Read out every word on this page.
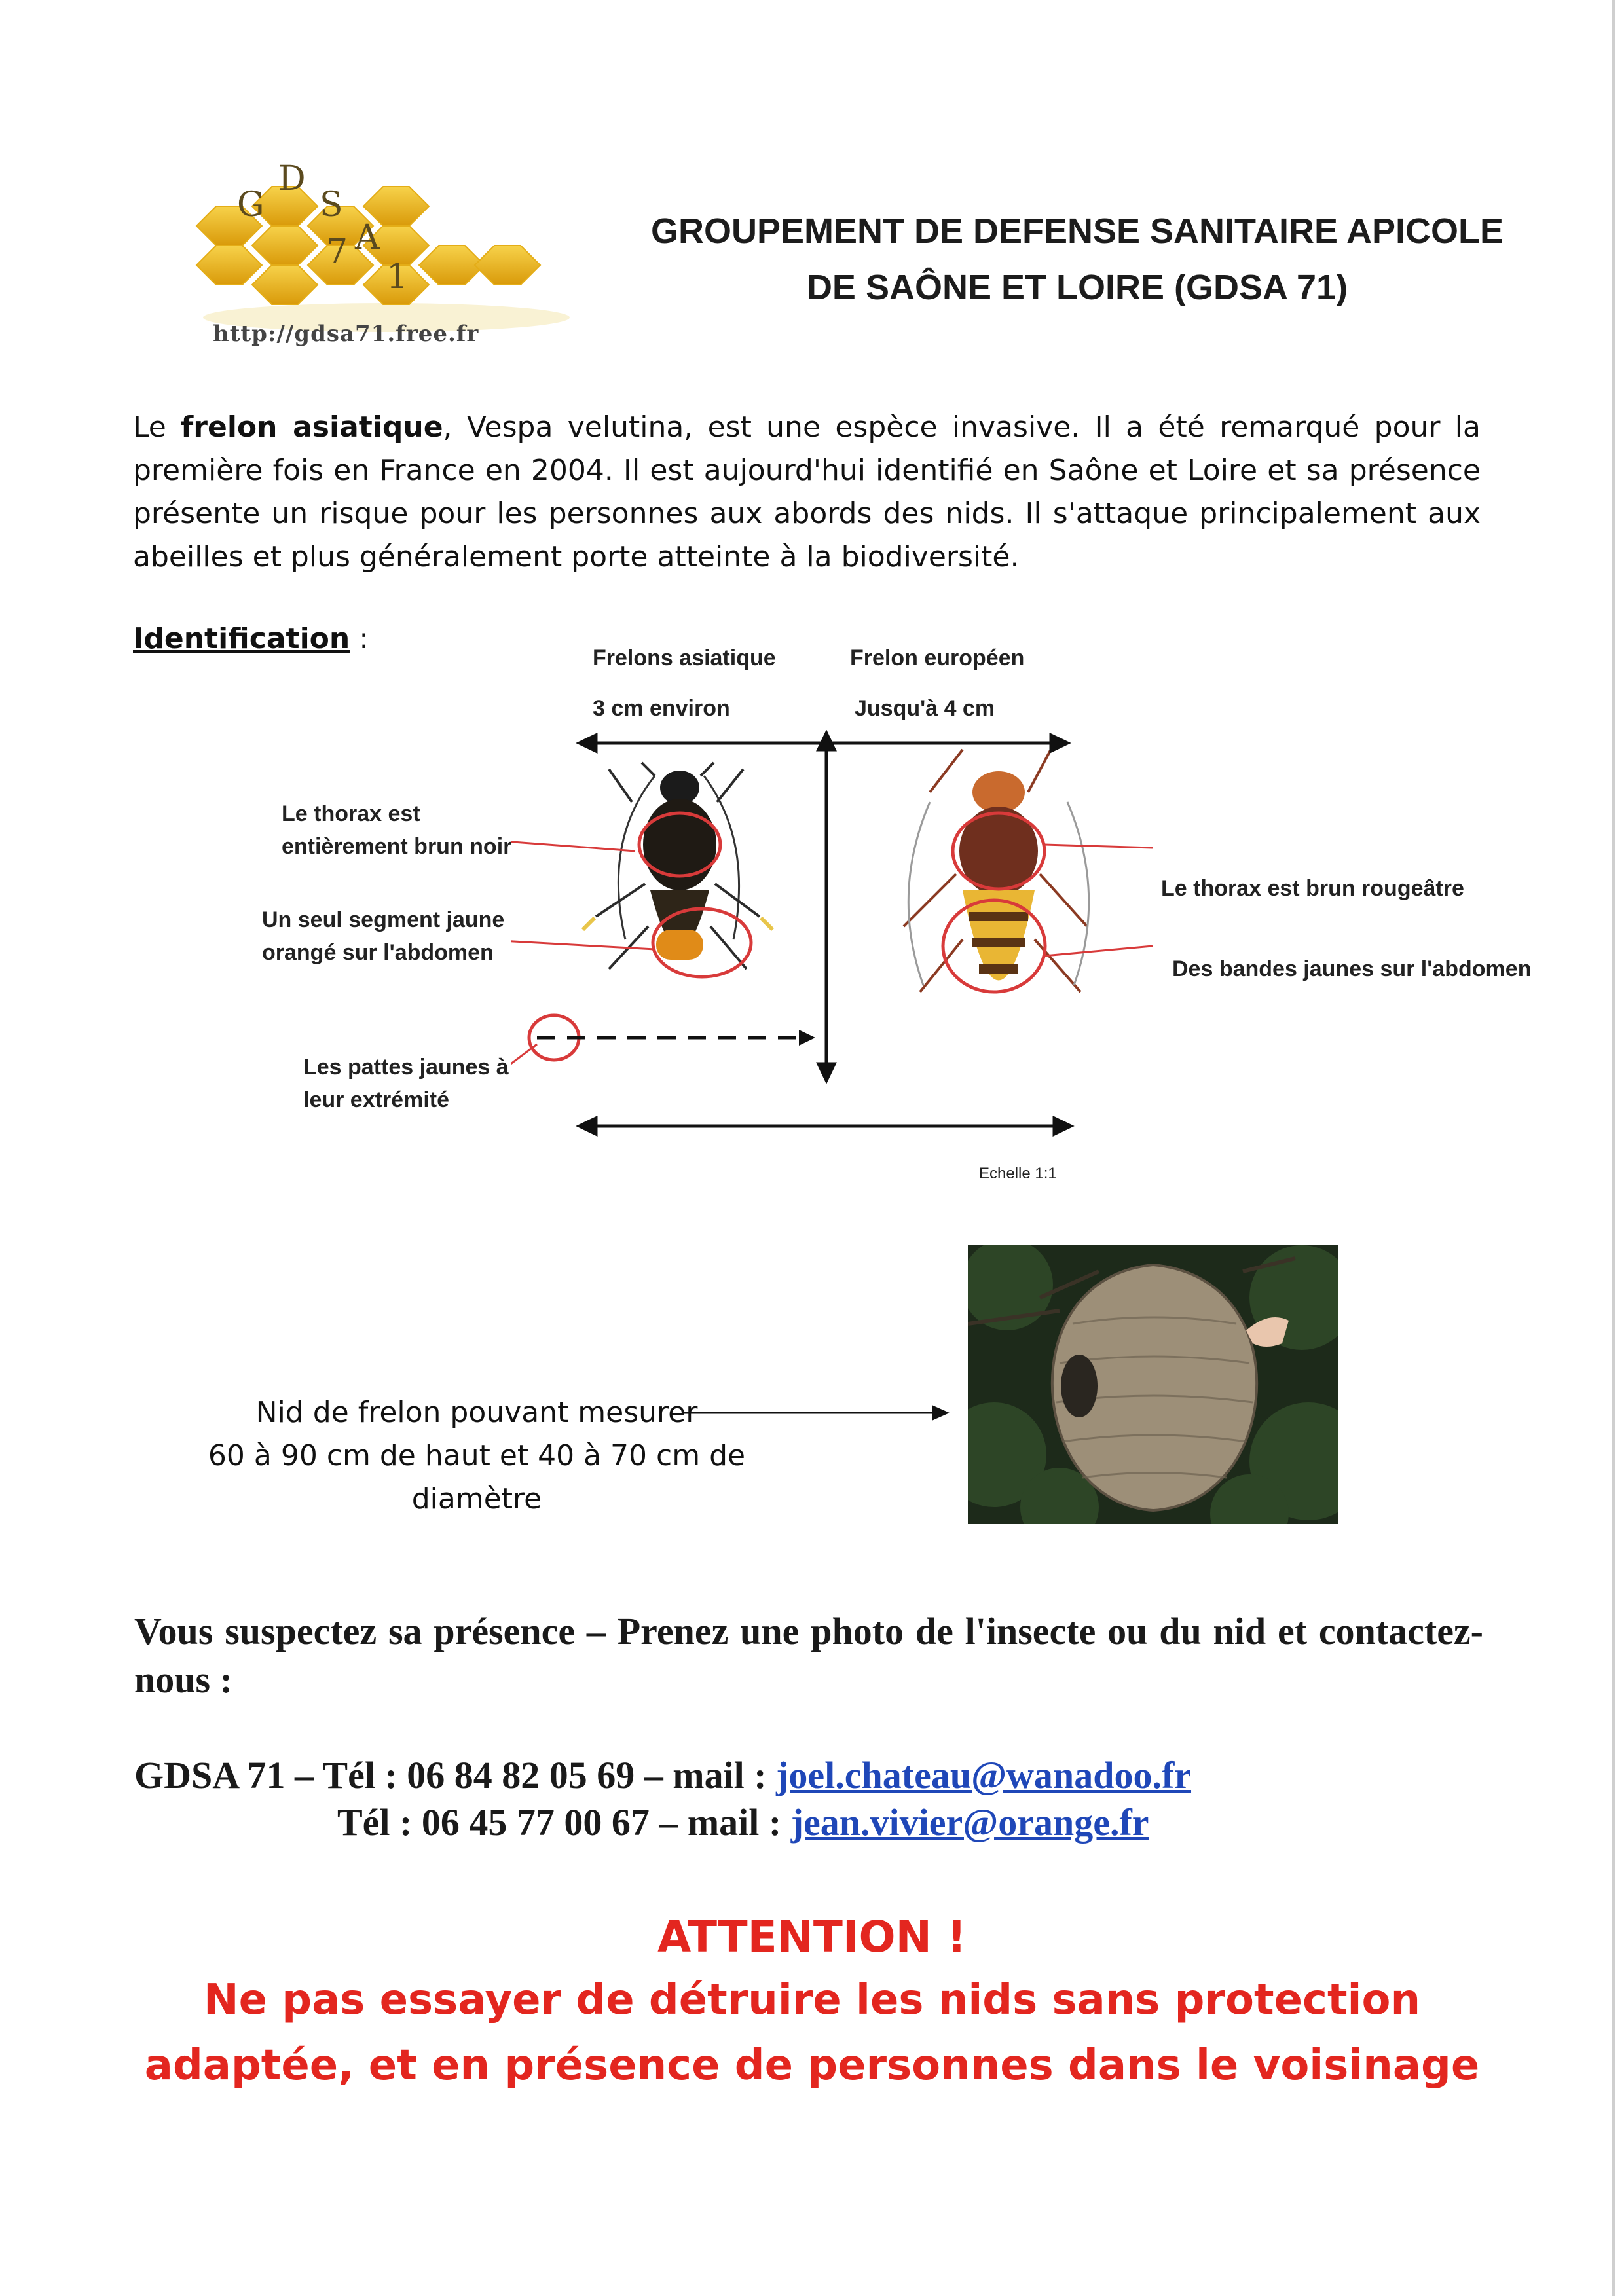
G
D
S
A
7
1
http://gdsa71.free.fr
GROUPEMENT DE DEFENSE SANITAIRE APICOLE
DE SAÔNE ET LOIRE (GDSA 71)
Le frelon asiatique, Vespa velutina, est une espèce invasive. Il a été remarqué pour la première fois en France en 2004. Il est aujourd'hui identifié en Saône et Loire et sa présence présente un risque pour les personnes aux abords des nids. Il s'attaque principalement aux abeilles et plus généralement porte atteinte à la biodiversité.
Identification :
Frelons asiatique
3 cm environ
Frelon européen
Jusqu'à 4 cm
Le thorax est
entièrement brun noir
Un seul segment jaune
orangé sur l'abdomen
Les pattes jaunes à
leur extrémité
Le thorax est brun rougeâtre
Des bandes jaunes sur l'abdomen
Echelle 1:1
Nid de frelon pouvant mesurer
60 à 90 cm de haut et 40 à 70 cm de diamètre
Vous suspectez sa présence – Prenez une photo de l'insecte ou du nid et contactez-nous :
GDSA 71 – Tél : 06 84 82 05 69 – mail : joel.chateau@wanadoo.fr
Tél : 06 45 77 00 67 – mail : jean.vivier@orange.fr
ATTENTION !
Ne pas essayer de détruire les nids sans protection
adaptée, et en présence de personnes dans le voisinage
